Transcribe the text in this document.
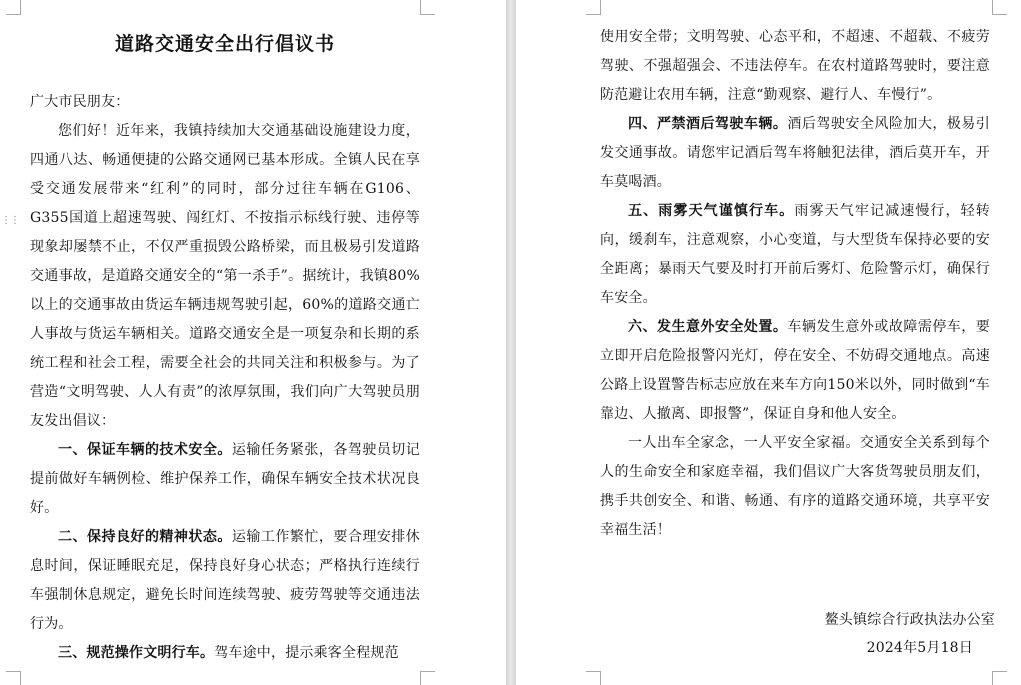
⋮⋮
道路交通安全出行倡议书

广大市民朋友：

您们好！近年来，我镇持续加大交通基础设施建设力度，四通八达、畅通便捷的公路交通网已基本形成。全镇人民在享受交通发展带来“红利”的同时，部分过往车辆在G106、G355国道上超速驾驶、闯红灯、不按指示标线行驶、违停等现象却屡禁不止，不仅严重损毁公路桥梁，而且极易引发道路交通事故，是道路交通安全的“第一杀手”。据统计，我镇80%以上的交通事故由货运车辆违规驾驶引起，60%的道路交通亡人事故与货运车辆相关。道路交通安全是一项复杂和长期的系统工程和社会工程，需要全社会的共同关注和积极参与。为了营造“文明驾驶、人人有责”的浓厚氛围，我们向广大驾驶员朋友发出倡议：

一、保证车辆的技术安全。运输任务紧张，各驾驶员切记提前做好车辆例检、维护保养工作，确保车辆安全技术状况良好。

二、保持良好的精神状态。运输工作繁忙，要合理安排休息时间，保证睡眠充足，保持良好身心状态；严格执行连续行车强制休息规定，避免长时间连续驾驶、疲劳驾驶等交通违法行为。

三、规范操作文明行车。驾车途中，提示乘客全程规范

使用安全带；文明驾驶、心态平和，不超速、不超载、不疲劳驾驶、不强超强会、不违法停车。在农村道路驾驶时，要注意防范避让农用车辆，注意“勤观察、避行人、车慢行”。

四、严禁酒后驾驶车辆。酒后驾驶安全风险加大，极易引发交通事故。请您牢记酒后驾车将触犯法律，酒后莫开车，开车莫喝酒。

五、雨雾天气谨慎行车。雨雾天气牢记减速慢行，轻转向，缓刹车，注意观察，小心变道，与大型货车保持必要的安全距离；暴雨天气要及时打开前后雾灯、危险警示灯，确保行车安全。

六、发生意外安全处置。车辆发生意外或故障需停车，要立即开启危险报警闪光灯，停在安全、不妨碍交通地点。高速公路上设置警告标志应放在来车方向150米以外，同时做到“车靠边、人撤离、即报警”，保证自身和他人安全。

一人出车全家念，一人平安全家福。交通安全关系到每个人的生命安全和家庭幸福，我们倡议广大客货驾驶员朋友们，携手共创安全、和谐、畅通、有序的道路交通环境，共享平安幸福生活！

鳌头镇综合行政执法办公室

2024年5月18日
